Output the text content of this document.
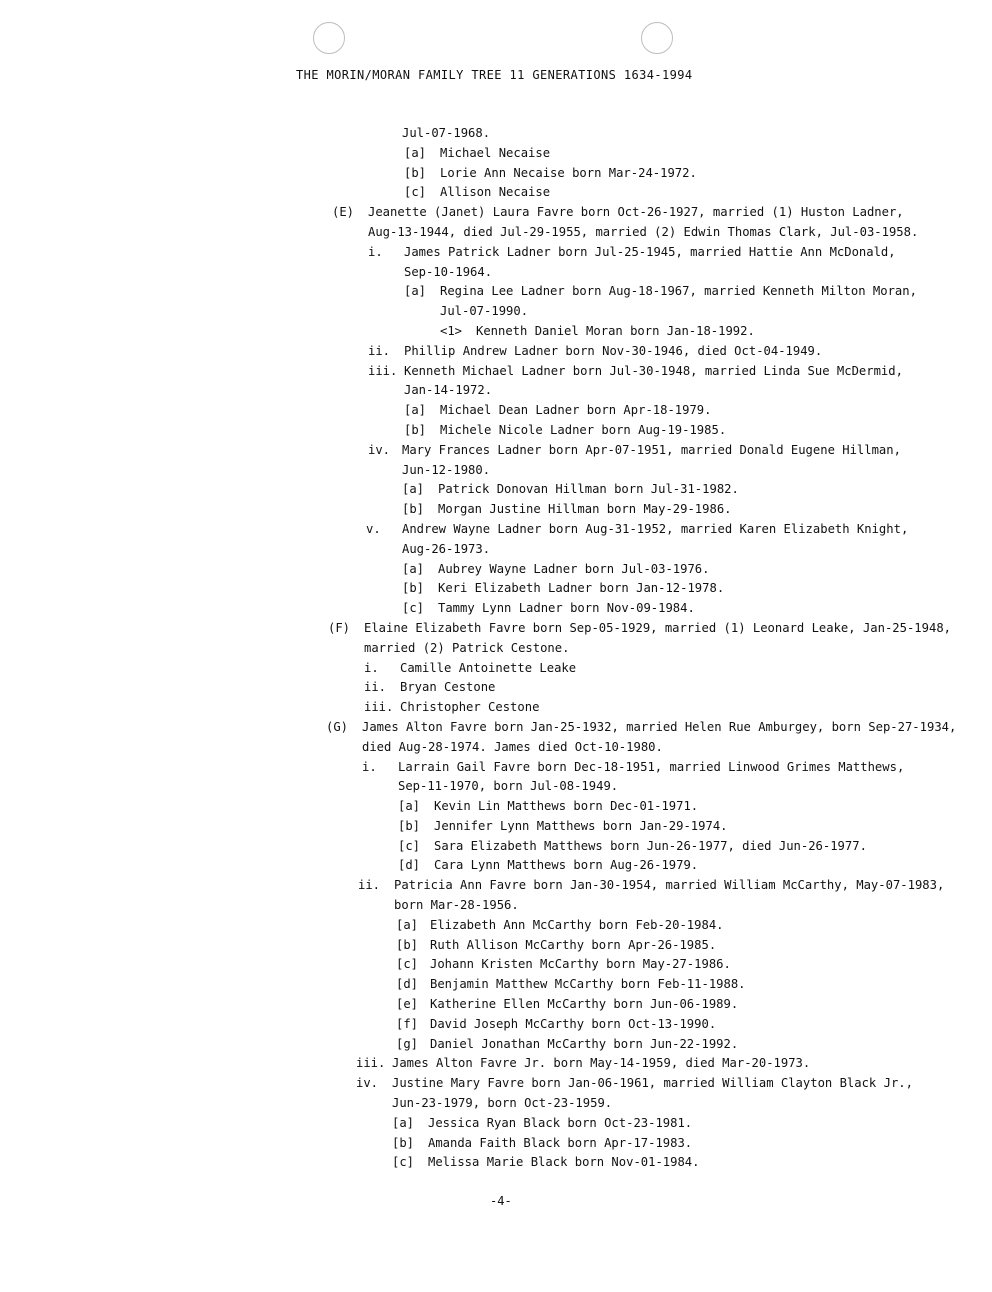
THE MORIN/MORAN FAMILY TREE 11 GENERATIONS 1634-1994
Jul-07-1968.
[a] Michael Necaise
[b] Lorie Ann Necaise born Mar-24-1972.
[c] Allison Necaise
(E) Jeanette (Janet) Laura Favre born Oct-26-1927, married (1) Huston Ladner,
Aug-13-1944, died Jul-29-1955, married (2) Edwin Thomas Clark, Jul-03-1958.
i. James Patrick Ladner born Jul-25-1945, married Hattie Ann McDonald,
Sep-10-1964.
[a] Regina Lee Ladner born Aug-18-1967, married Kenneth Milton Moran,
Jul-07-1990.
<1> Kenneth Daniel Moran born Jan-18-1992.
ii. Phillip Andrew Ladner born Nov-30-1946, died Oct-04-1949.
iii. Kenneth Michael Ladner born Jul-30-1948, married Linda Sue McDermid,
Jan-14-1972.
[a] Michael Dean Ladner born Apr-18-1979.
[b] Michele Nicole Ladner born Aug-19-1985.
iv. Mary Frances Ladner born Apr-07-1951, married Donald Eugene Hillman,
Jun-12-1980.
[a] Patrick Donovan Hillman born Jul-31-1982.
[b] Morgan Justine Hillman born May-29-1986.
v. Andrew Wayne Ladner born Aug-31-1952, married Karen Elizabeth Knight,
Aug-26-1973.
[a] Aubrey Wayne Ladner born Jul-03-1976.
[b] Keri Elizabeth Ladner born Jan-12-1978.
[c] Tammy Lynn Ladner born Nov-09-1984.
(F) Elaine Elizabeth Favre born Sep-05-1929, married (1) Leonard Leake, Jan-25-1948,
married (2) Patrick Cestone.
i. Camille Antoinette Leake
ii. Bryan Cestone
iii. Christopher Cestone
(G) James Alton Favre born Jan-25-1932, married Helen Rue Amburgey, born Sep-27-1934,
died Aug-28-1974. James died Oct-10-1980.
i. Larrain Gail Favre born Dec-18-1951, married Linwood Grimes Matthews,
Sep-11-1970, born Jul-08-1949.
[a] Kevin Lin Matthews born Dec-01-1971.
[b] Jennifer Lynn Matthews born Jan-29-1974.
[c] Sara Elizabeth Matthews born Jun-26-1977, died Jun-26-1977.
[d] Cara Lynn Matthews born Aug-26-1979.
ii. Patricia Ann Favre born Jan-30-1954, married William McCarthy, May-07-1983,
born Mar-28-1956.
[a] Elizabeth Ann McCarthy born Feb-20-1984.
[b] Ruth Allison McCarthy born Apr-26-1985.
[c] Johann Kristen McCarthy born May-27-1986.
[d] Benjamin Matthew McCarthy born Feb-11-1988.
[e] Katherine Ellen McCarthy born Jun-06-1989.
[f] David Joseph McCarthy born Oct-13-1990.
[g] Daniel Jonathan McCarthy born Jun-22-1992.
iii. James Alton Favre Jr. born May-14-1959, died Mar-20-1973.
iv. Justine Mary Favre born Jan-06-1961, married William Clayton Black Jr.,
Jun-23-1979, born Oct-23-1959.
[a] Jessica Ryan Black born Oct-23-1981.
[b] Amanda Faith Black born Apr-17-1983.
[c] Melissa Marie Black born Nov-01-1984.
-4-
